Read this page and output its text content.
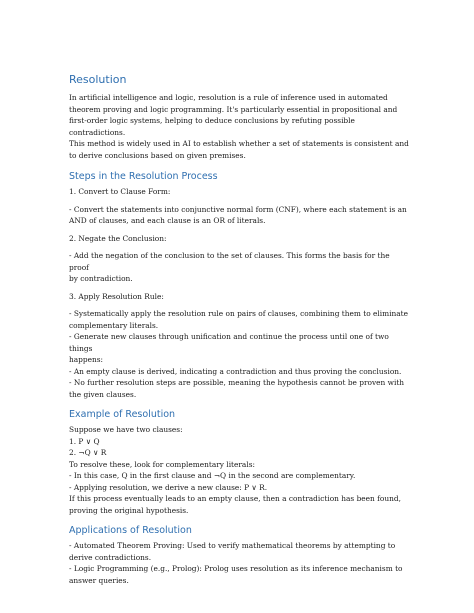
Resolution

In artificial intelligence and logic, resolution is a rule of inference used in automated
theorem proving and logic programming. It's particularly essential in propositional and
first-order logic systems, helping to deduce conclusions by refuting possible contradictions.
This method is widely used in AI to establish whether a set of statements is consistent and
to derive conclusions based on given premises.

Steps in the Resolution Process

1. Convert to Clause Form:

- Convert the statements into conjunctive normal form (CNF), where each statement is an
AND of clauses, and each clause is an OR of literals.

2. Negate the Conclusion:

- Add the negation of the conclusion to the set of clauses. This forms the basis for the proof
by contradiction.

3. Apply Resolution Rule:

- Systematically apply the resolution rule on pairs of clauses, combining them to eliminate
complementary literals.
- Generate new clauses through unification and continue the process until one of two things
happens:
- An empty clause is derived, indicating a contradiction and thus proving the conclusion.
- No further resolution steps are possible, meaning the hypothesis cannot be proven with
the given clauses.

Example of Resolution

Suppose we have two clauses:
1. P ∨ Q
2. ¬Q ∨ R
To resolve these, look for complementary literals:
- In this case, Q in the first clause and ¬Q in the second are complementary.
- Applying resolution, we derive a new clause: P ∨ R.
If this process eventually leads to an empty clause, then a contradiction has been found,
proving the original hypothesis.

Applications of Resolution

- Automated Theorem Proving: Used to verify mathematical theorems by attempting to
derive contradictions.
- Logic Programming (e.g., Prolog): Prolog uses resolution as its inference mechanism to
answer queries.
